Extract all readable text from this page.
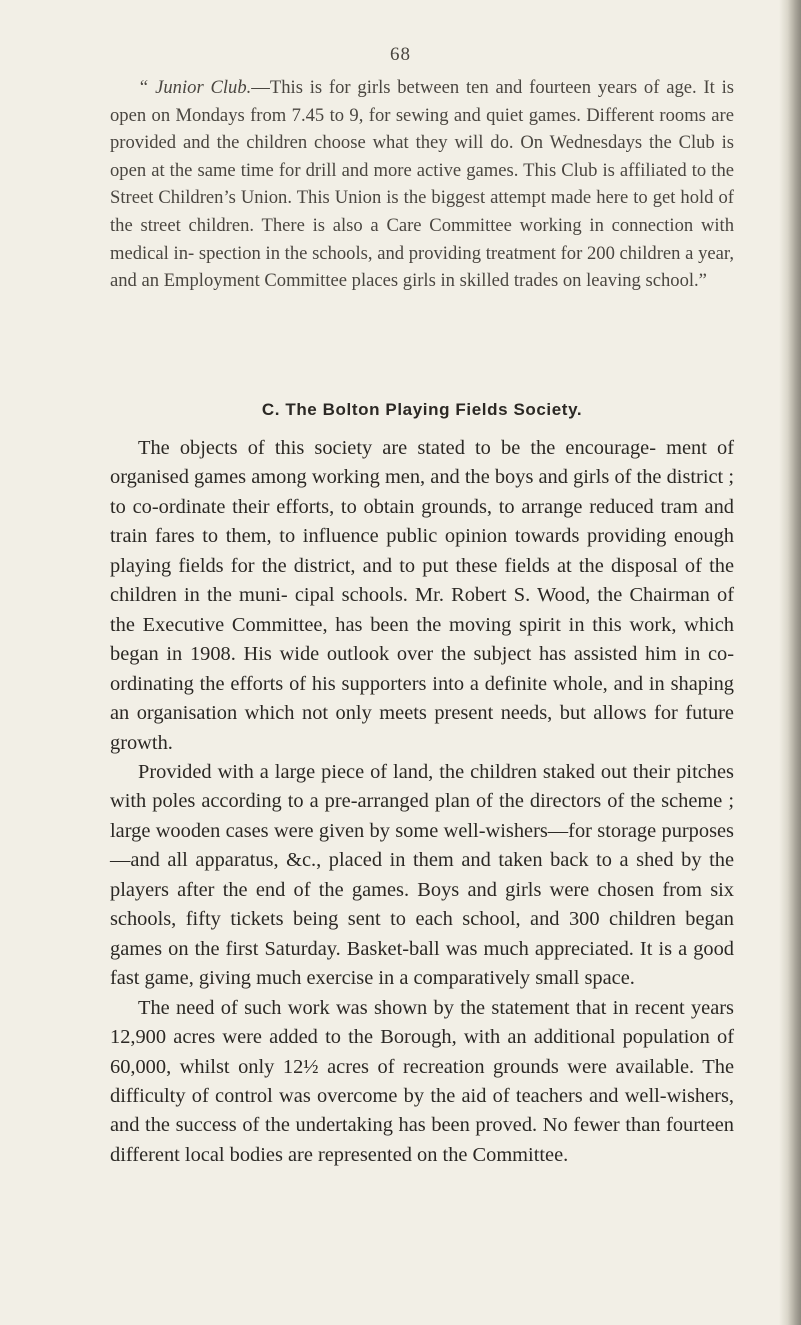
68

“ Junior Club.—This is for girls between ten and fourteen years of age. It is open on Mondays from 7.45 to 9, for sewing and quiet games. Different rooms are provided and the children choose what they will do. On Wednesdays the Club is open at the same time for drill and more active games. This Club is affiliated to the Street Children’s Union. This Union is the biggest attempt made here to get hold of the street children. There is also a Care Committee working in connection with medical in- spection in the schools, and providing treatment for 200 children a year, and an Employment Committee places girls in skilled trades on leaving school.”

C. The Bolton Playing Fields Society.

The objects of this society are stated to be the encourage- ment of organised games among working men, and the boys and girls of the district ; to co-ordinate their efforts, to obtain grounds, to arrange reduced tram and train fares to them, to influence public opinion towards providing enough playing fields for the district, and to put these fields at the disposal of the children in the muni- cipal schools. Mr. Robert S. Wood, the Chairman of the Executive Committee, has been the moving spirit in this work, which began in 1908. His wide outlook over the subject has assisted him in co-ordinating the efforts of his supporters into a definite whole, and in shaping an organisation which not only meets present needs, but allows for future growth.

Provided with a large piece of land, the children staked out their pitches with poles according to a pre-arranged plan of the directors of the scheme ; large wooden cases were given by some well-wishers—for storage purposes—and all apparatus, &c., placed in them and taken back to a shed by the players after the end of the games. Boys and girls were chosen from six schools, fifty tickets being sent to each school, and 300 children began games on the first Saturday. Basket-ball was much appreciated. It is a good fast game, giving much exercise in a comparatively small space.

The need of such work was shown by the statement that in recent years 12,900 acres were added to the Borough, with an additional population of 60,000, whilst only 12½ acres of recreation grounds were available. The difficulty of control was overcome by the aid of teachers and well-wishers, and the success of the undertaking has been proved. No fewer than fourteen different local bodies are represented on the Committee.
